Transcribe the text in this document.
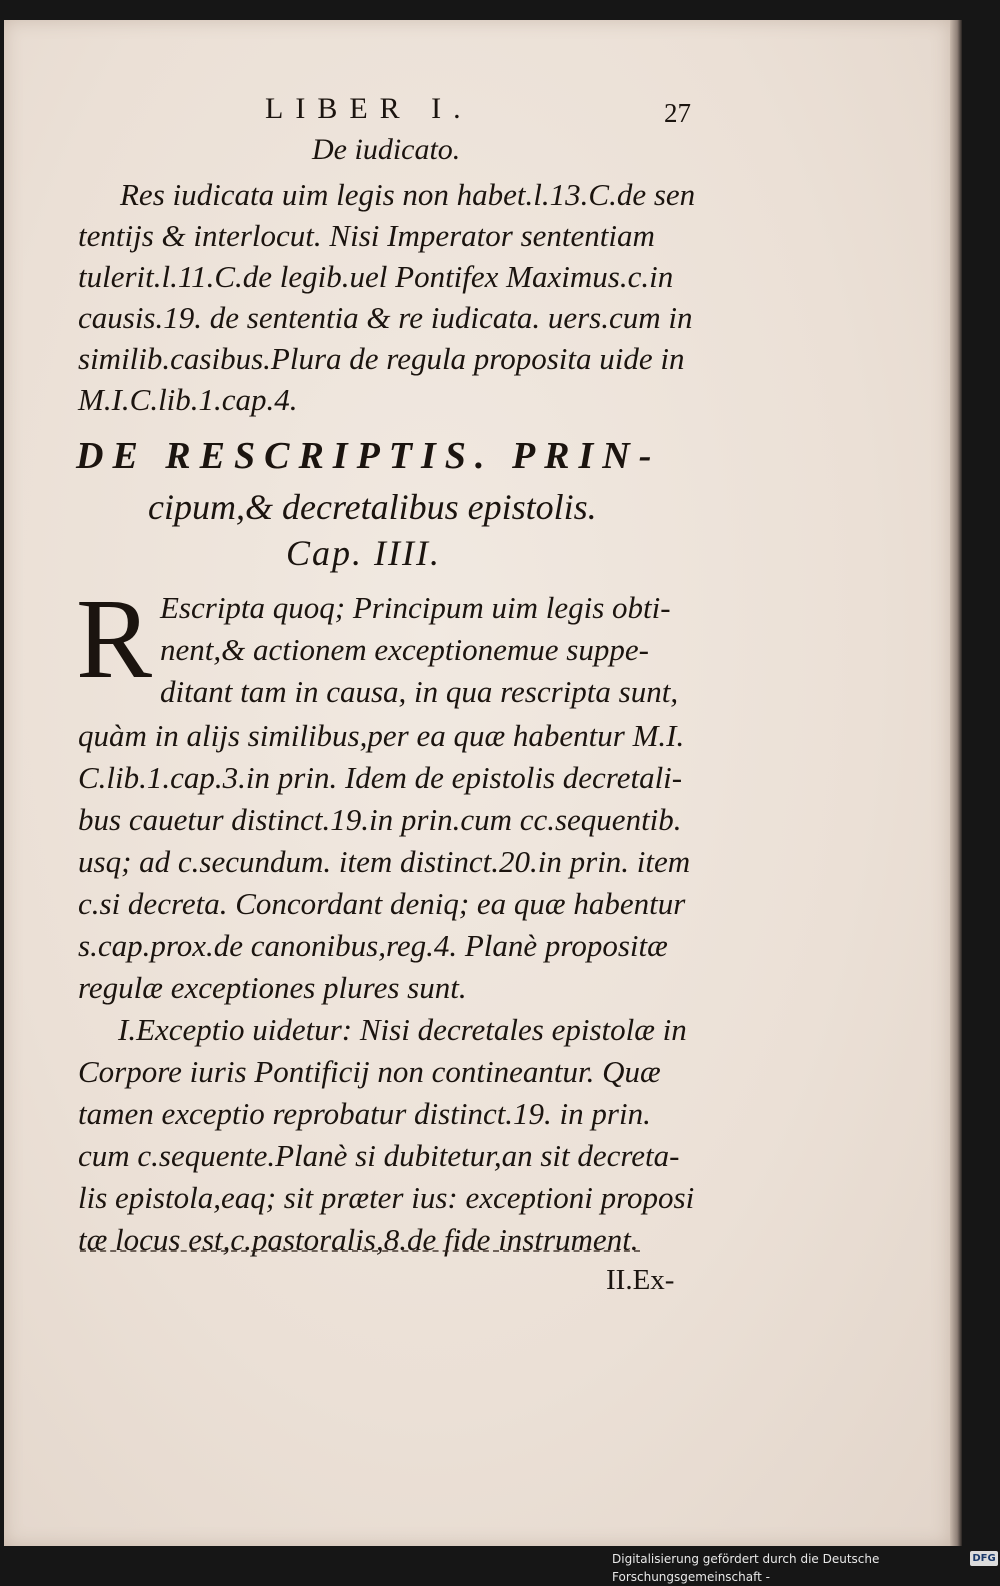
LIBER I.	27
De iudicato.
Res iudicata uim legis non habet.l.13.C.de sen
tentijs & interlocut. Nisi Imperator sententiam
tulerit.l.11.C.de legib.uel Pontifex Maximus.c.in
causis.19. de sententia & re iudicata. uers.cum in
similib.casibus.Plura de regula proposita uide in
M.I.C.lib.1.cap.4.
DE RESCRIPTIS. PRIN-
cipum,& decretalibus epistolis.
Cap. IIII.
R Escripta quoq; Principum uim legis obti-
nent,& actionem exceptionemue suppe-
ditant tam in causa, in qua rescripta sunt,
quàm in alijs similibus,per ea quæ habentur M.I.
C.lib.1.cap.3.in prin. Idem de epistolis decretali-
bus cauetur distinct.19.in prin.cum cc.sequentib.
usq; ad c.secundum. item distinct.20.in prin. item
c.si decreta. Concordant deniq; ea quæ habentur
s.cap.prox.de canonibus,reg.4. Planè propositæ
regulæ exceptiones plures sunt.
I.Exceptio uidetur: Nisi decretales epistolæ in
Corpore iuris Pontificij non contineantur. Quæ
tamen exceptio reprobatur distinct.19. in prin.
cum c.sequente.Planè si dubitetur,an sit decreta-
lis epistola,eaq; sit præter ius: exceptioni proposi
tæ locus est,c.pastoralis,8.de fide instrument.
II.Ex-
Digitalisierung gefördert durch die Deutsche Forschungsgemeinschaft -
DFG
